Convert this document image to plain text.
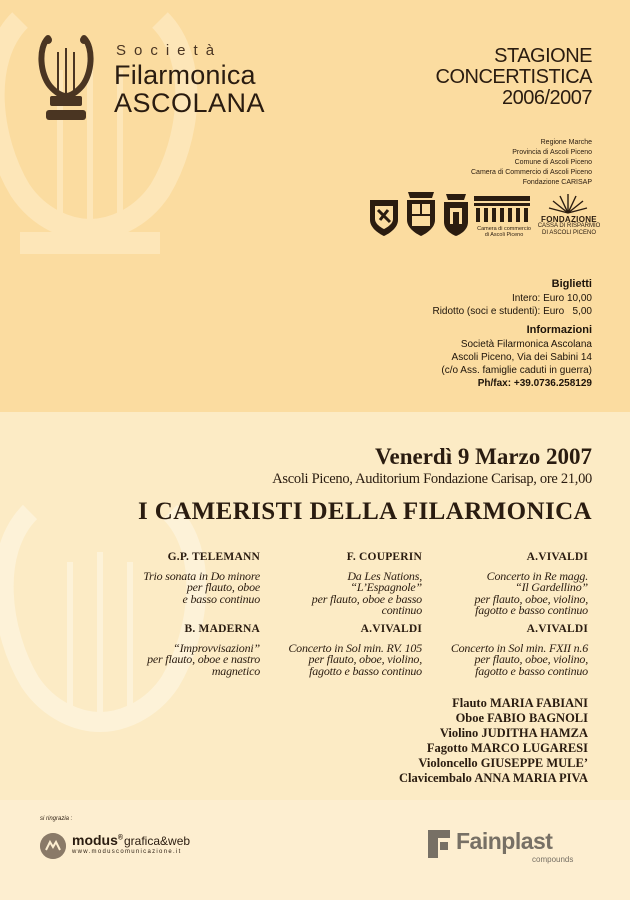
Società
Filarmonica
ASCOLANA
STAGIONE
CONCERTISTICA
2006/2007
Regione Marche
Provincia di Ascoli Piceno
Comune di Ascoli Piceno
Camera di Commercio di Ascoli Piceno
Fondazione CARISAP
Camera di commercio
di Ascoli Piceno
FONDAZIONE
CASSA DI RISPARMIO
DI ASCOLI PICENO
Biglietti
Intero: Euro 10,00
Ridotto (soci e studenti): Euro   5,00
Informazioni
Società Filarmonica Ascolana
Ascoli Piceno, Via dei Sabini 14
(c/o Ass. famiglie caduti in guerra)
Ph/fax: +39.0736.258129
Venerdì 9 Marzo 2007
Ascoli Piceno, Auditorium Fondazione Carisap, ore 21,00
I CAMERISTI DELLA FILARMONICA
G.P. TELEMANN
Trio sonata in Do minore
per flauto, oboe
e basso continuo
F. COUPERIN
Da Les Nations,
“L’Espagnole”
per flauto, oboe e basso
continuo
A.VIVALDI
Concerto in Re magg.
“Il Gardellino”
per flauto, oboe, violino,
fagotto e basso continuo
B. MADERNA
“Improvvisazioni”
per flauto, oboe e nastro
magnetico
A.VIVALDI
Concerto in Sol min. RV. 105
per flauto, oboe, violino,
fagotto e basso continuo
A.VIVALDI
Concerto in Sol min. FXII n.6
per flauto, oboe, violino,
fagotto e basso continuo
Flauto MARIA FABIANI
Oboe FABIO BAGNOLI
Violino JUDITHA HAMZA
Fagotto MARCO LUGARESI
Violoncello GIUSEPPE MULE’
Clavicembalo ANNA MARIA PIVA
si ringrazia :
modus® grafica&web
www.moduscomunicazione.it	Fainplast
compounds
